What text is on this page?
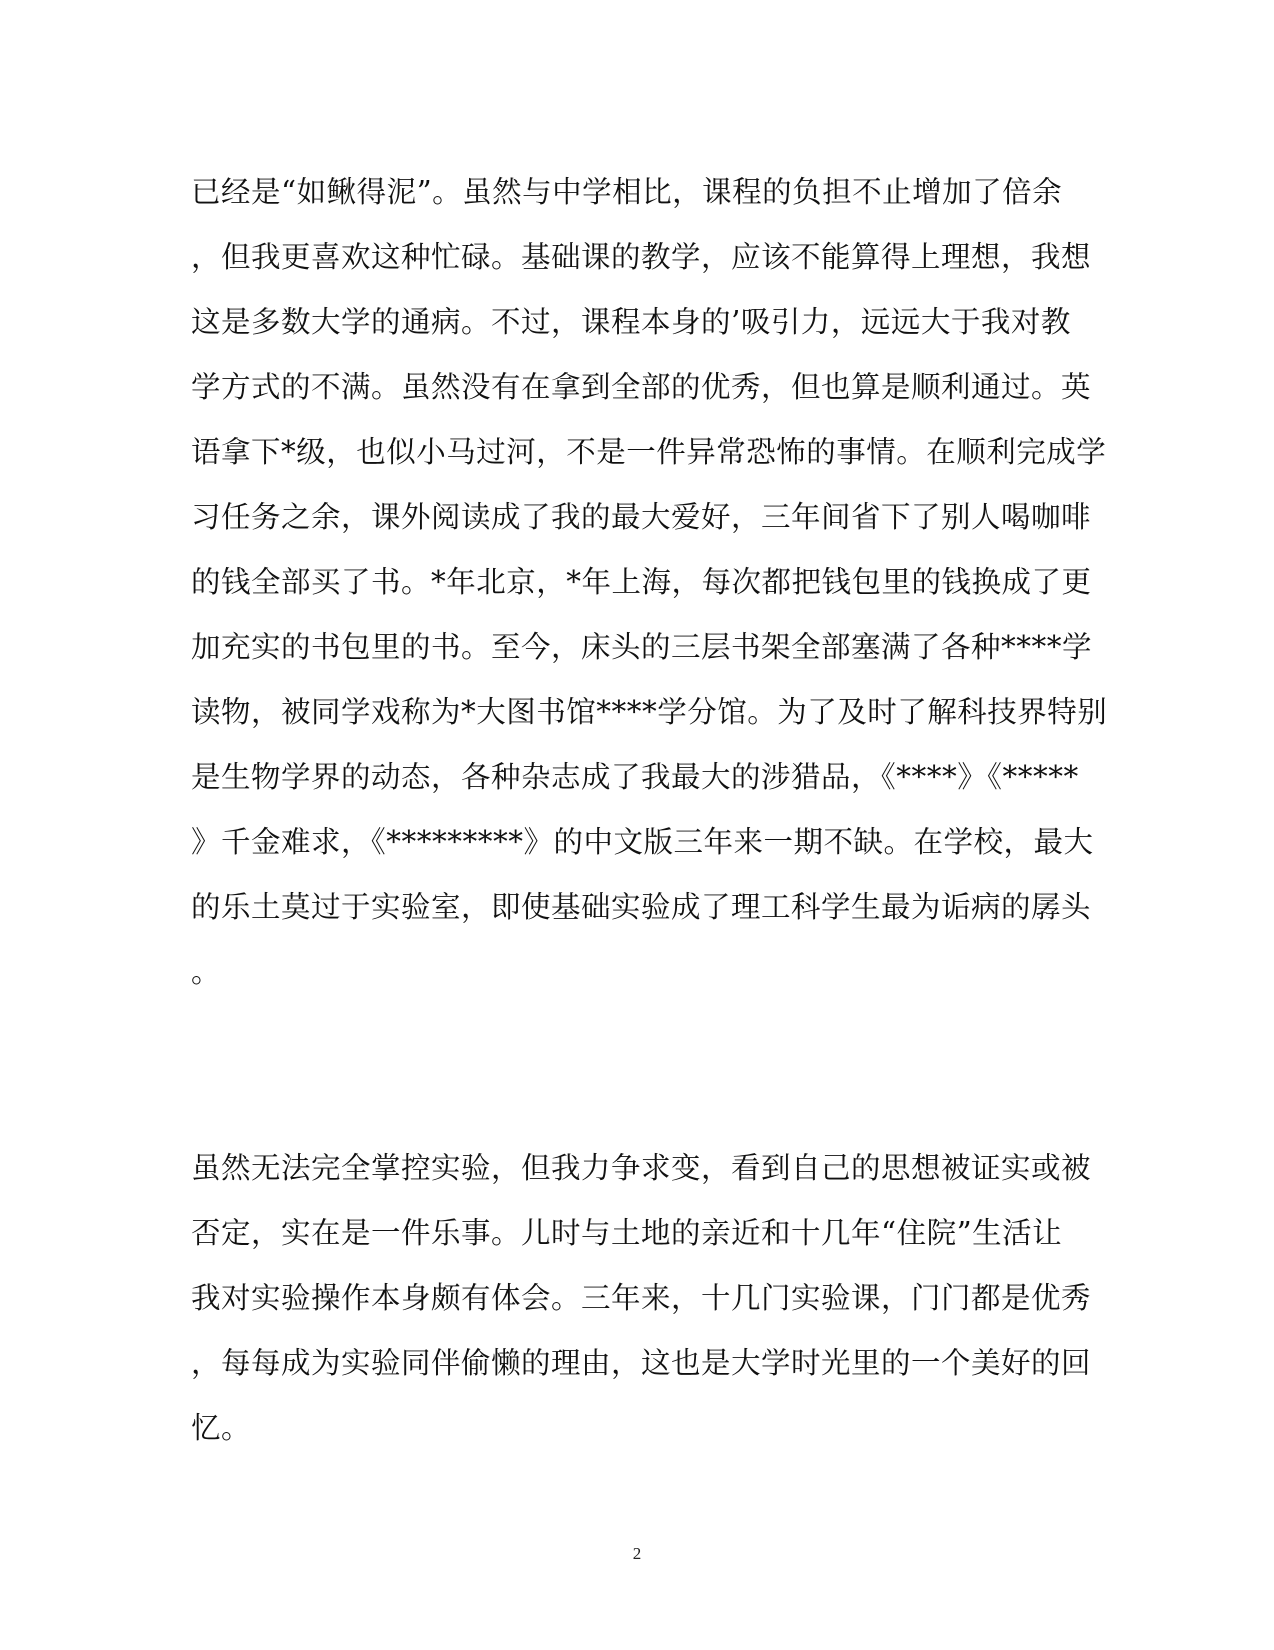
已经是“如鳅得泥”。虽然与中学相比，课程的负担不止增加了倍余
，但我更喜欢这种忙碌。基础课的教学，应该不能算得上理想，我想
这是多数大学的通病。不过，课程本身的’吸引力，远远大于我对教
学方式的不满。虽然没有在拿到全部的优秀，但也算是顺利通过。英
语拿下*级，也似小马过河，不是一件异常恐怖的事情。在顺利完成学
习任务之余，课外阅读成了我的最大爱好，三年间省下了别人喝咖啡
的钱全部买了书。*年北京，*年上海，每次都把钱包里的钱换成了更
加充实的书包里的书。至今，床头的三层书架全部塞满了各种****学
读物，被同学戏称为*大图书馆****学分馆。为了及时了解科技界特别
是生物学界的动态，各种杂志成了我最大的涉猎品，《****》《*****
》千金难求，《*********》的中文版三年来一期不缺。在学校，最大
的乐土莫过于实验室，即使基础实验成了理工科学生最为诟病的孱头
。
虽然无法完全掌控实验，但我力争求变，看到自己的思想被证实或被
否定，实在是一件乐事。儿时与土地的亲近和十几年“住院”生活让
我对实验操作本身颇有体会。三年来，十几门实验课，门门都是优秀
，每每成为实验同伴偷懒的理由，这也是大学时光里的一个美好的回
忆。
2
